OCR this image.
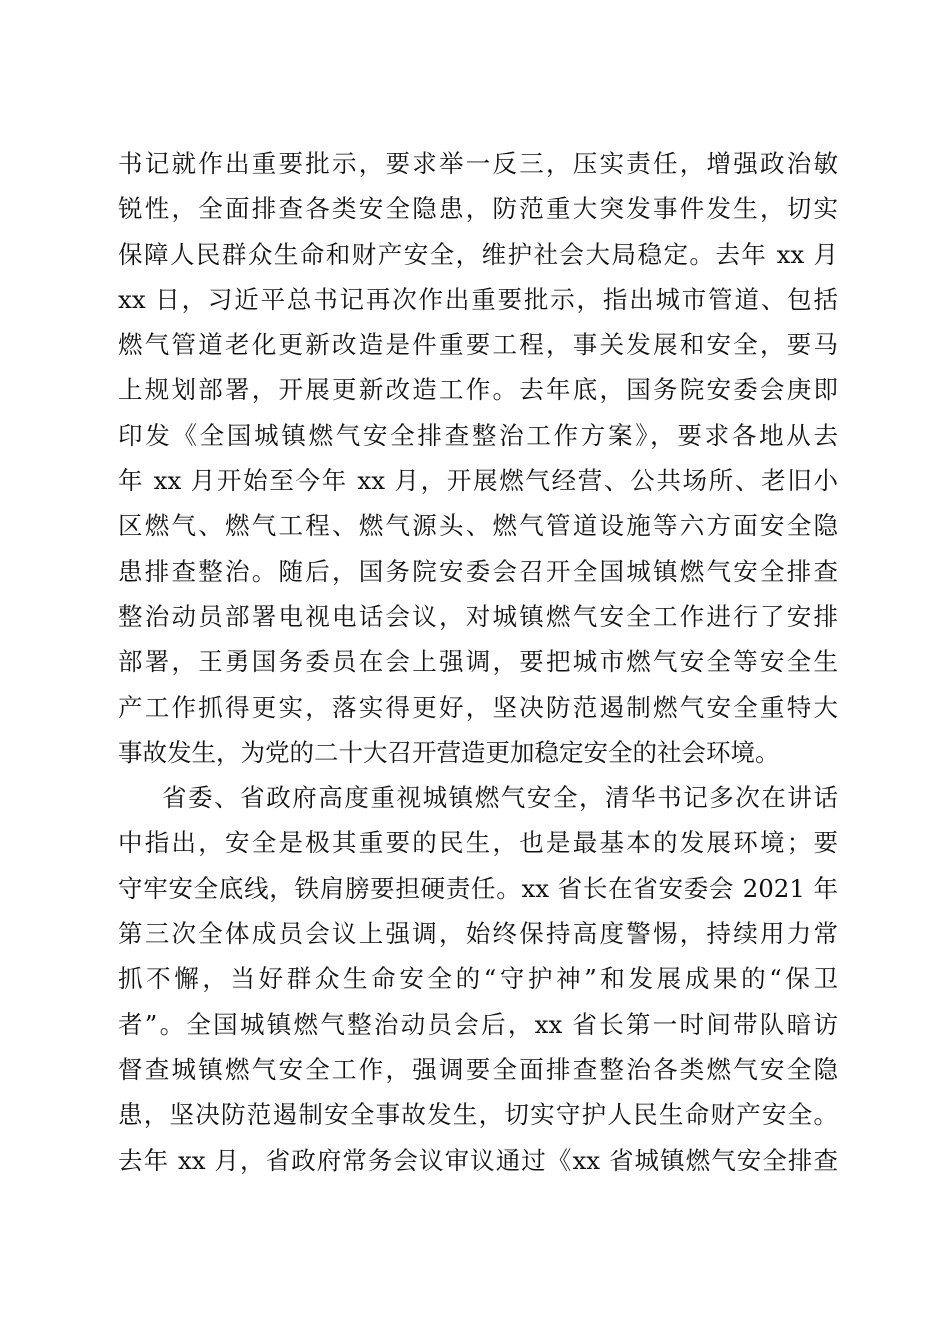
书记就作出重要批示，要求举一反三，压实责任，增强政治敏
锐性，全面排查各类安全隐患，防范重大突发事件发生，切实
保障人民群众生命和财产安全，维护社会大局稳定。去年 xx 月
xx 日，习近平总书记再次作出重要批示，指出城市管道、包括
燃气管道老化更新改造是件重要工程，事关发展和安全，要马
上规划部署，开展更新改造工作。去年底，国务院安委会庚即
印发《全国城镇燃气安全排查整治工作方案》，要求各地从去
年 xx 月开始至今年 xx 月，开展燃气经营、公共场所、老旧小
区燃气、燃气工程、燃气源头、燃气管道设施等六方面安全隐
患排查整治。随后，国务院安委会召开全国城镇燃气安全排查
整治动员部署电视电话会议，对城镇燃气安全工作进行了安排
部署，王勇国务委员在会上强调，要把城市燃气安全等安全生
产工作抓得更实，落实得更好，坚决防范遏制燃气安全重特大
事故发生，为党的二十大召开营造更加稳定安全的社会环境。
省委、省政府高度重视城镇燃气安全，清华书记多次在讲话
中指出，安全是极其重要的民生，也是最基本的发展环境；要
守牢安全底线，铁肩膀要担硬责任。xx 省长在省安委会 2021 年
第三次全体成员会议上强调，始终保持高度警惕，持续用力常
抓不懈，当好群众生命安全的“守护神”和发展成果的“保卫
者”。全国城镇燃气整治动员会后，xx 省长第一时间带队暗访
督查城镇燃气安全工作，强调要全面排查整治各类燃气安全隐
患，坚决防范遏制安全事故发生，切实守护人民生命财产安全。
去年 xx 月，省政府常务会议审议通过《xx 省城镇燃气安全排查
